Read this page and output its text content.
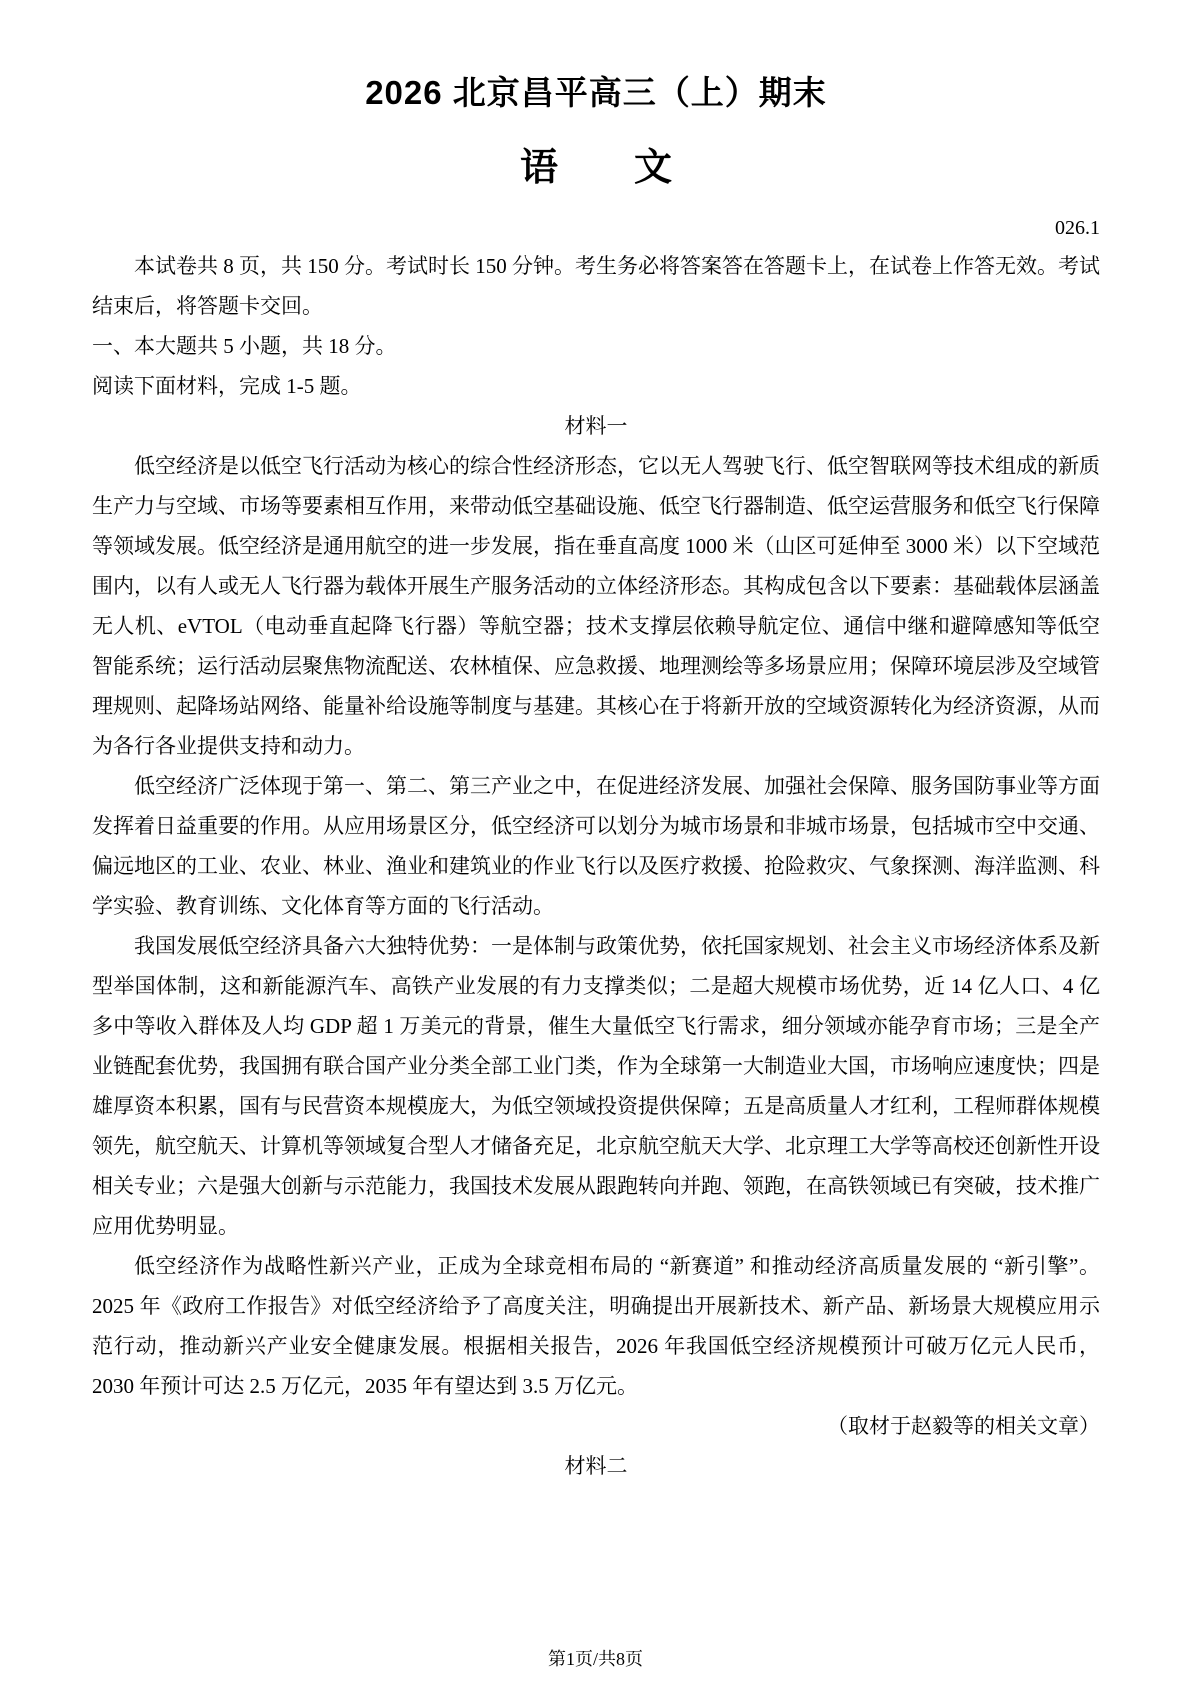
2026 北京昌平高三（上）期末
语　　文
026.1

本试卷共 8 页，共 150 分。考试时长 150 分钟。考生务必将答案答在答题卡上，在试卷上作答无效。考试结束后，将答题卡交回。

一、本大题共 5 小题，共 18 分。

阅读下面材料，完成 1-5 题。

材料一

低空经济是以低空飞行活动为核心的综合性经济形态，它以无人驾驶飞行、低空智联网等技术组成的新质生产力与空域、市场等要素相互作用，来带动低空基础设施、低空飞行器制造、低空运营服务和低空飞行保障等领域发展。低空经济是通用航空的进一步发展，指在垂直高度 1000 米（山区可延伸至 3000 米）以下空域范围内，以有人或无人飞行器为载体开展生产服务活动的立体经济形态。其构成包含以下要素：基础载体层涵盖无人机、eVTOL（电动垂直起降飞行器）等航空器；技术支撑层依赖导航定位、通信中继和避障感知等低空智能系统；运行活动层聚焦物流配送、农林植保、应急救援、地理测绘等多场景应用；保障环境层涉及空域管理规则、起降场站网络、能量补给设施等制度与基建。其核心在于将新开放的空域资源转化为经济资源，从而为各行各业提供支持和动力。

低空经济广泛体现于第一、第二、第三产业之中，在促进经济发展、加强社会保障、服务国防事业等方面发挥着日益重要的作用。从应用场景区分，低空经济可以划分为城市场景和非城市场景，包括城市空中交通、偏远地区的工业、农业、林业、渔业和建筑业的作业飞行以及医疗救援、抢险救灾、气象探测、海洋监测、科学实验、教育训练、文化体育等方面的飞行活动。

我国发展低空经济具备六大独特优势：一是体制与政策优势，依托国家规划、社会主义市场经济体系及新型举国体制，这和新能源汽车、高铁产业发展的有力支撑类似；二是超大规模市场优势，近 14 亿人口、4 亿多中等收入群体及人均 GDP 超 1 万美元的背景，催生大量低空飞行需求，细分领域亦能孕育市场；三是全产业链配套优势，我国拥有联合国产业分类全部工业门类，作为全球第一大制造业大国，市场响应速度快；四是雄厚资本积累，国有与民营资本规模庞大，为低空领域投资提供保障；五是高质量人才红利，工程师群体规模领先，航空航天、计算机等领域复合型人才储备充足，北京航空航天大学、北京理工大学等高校还创新性开设相关专业；六是强大创新与示范能力，我国技术发展从跟跑转向并跑、领跑，在高铁领域已有突破，技术推广应用优势明显。

低空经济作为战略性新兴产业，正成为全球竞相布局的 “新赛道” 和推动经济高质量发展的 “新引擎”。2025 年《政府工作报告》对低空经济给予了高度关注，明确提出开展新技术、新产品、新场景大规模应用示范行动，推动新兴产业安全健康发展。根据相关报告，2026 年我国低空经济规模预计可破万亿元人民币，2030 年预计可达 2.5 万亿元，2035 年有望达到 3.5 万亿元。

（取材于赵毅等的相关文章）

材料二

第1页/共8页
